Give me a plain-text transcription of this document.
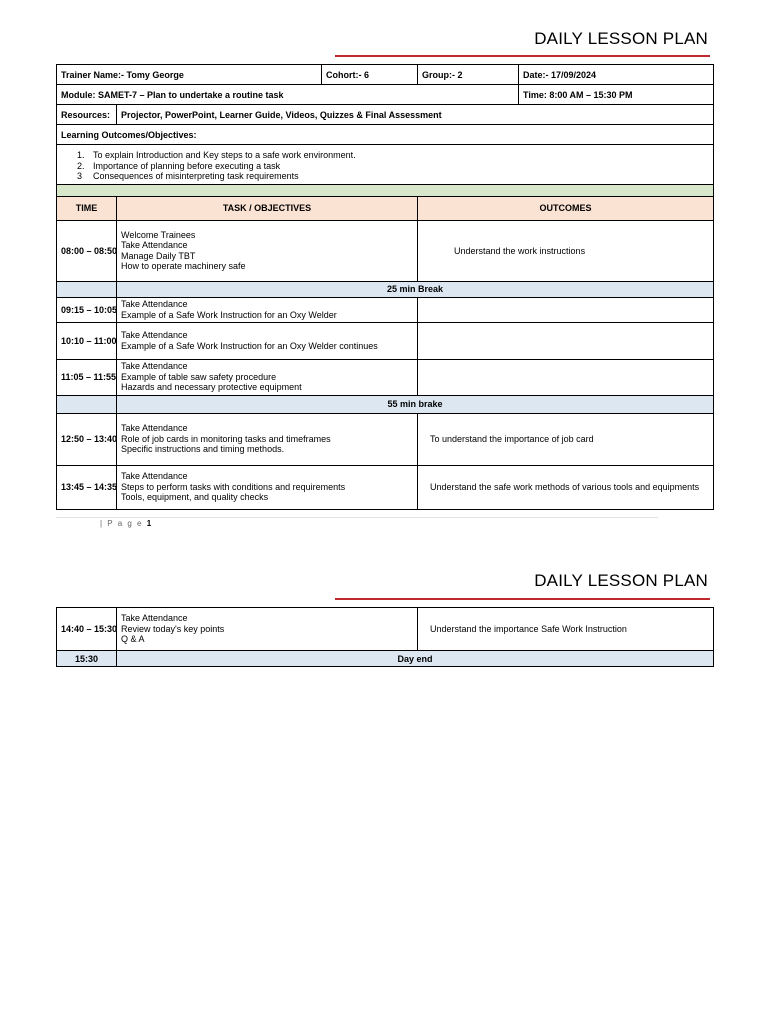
DAILY LESSON PLAN
Trainer Name:- Tomy George		Cohort:- 6	Group:- 2	Date:- 17/09/2024
Module: SAMET-7 – Plan to undertake a routine task				Time: 8:00 AM – 15:30 PM
Resources:	Projector, PowerPoint, Learner Guide, Videos, Quizzes & Final Assessment			
Learning Outcomes/Objectives:				

1. To explain Introduction and Key steps to a safe work environment.
2. Importance of planning before executing a task
3 Consequences of misinterpreting task requirements				

TIME	TASK / OBJECTIVES		OUTCOMES	
08:00 – 08:50	Welcome Trainees
Take Attendance
Manage Daily TBT
How to operate machinery safe		Understand the work instructions	
	25 min Break			
09:15 – 10:05	Take Attendance
Example of a Safe Work Instruction for an Oxy Welder			

10:10 – 11:00	Take Attendance
Example of a Safe Work Instruction for an Oxy Welder continues			

11:05 – 11:55	Take Attendance
Example of table saw safety procedure
Hazards and necessary protective equipment			

	55 min brake			
12:50 – 13:40	Take Attendance
Role of job cards in monitoring tasks and timeframes
Specific instructions and timing methods.		To understand the importance of job card	
13:45 – 14:35	Take Attendance
Steps to perform tasks with conditions and requirements
Tools, equipment, and quality checks		Understand the safe work methods of various tools and equipments	
| P a g e 1
DAILY LESSON PLAN
14:40 – 15:30	Take Attendance
Review today's key points
Q & A	Understand the importance Safe Work Instruction
15:30	Day end	
